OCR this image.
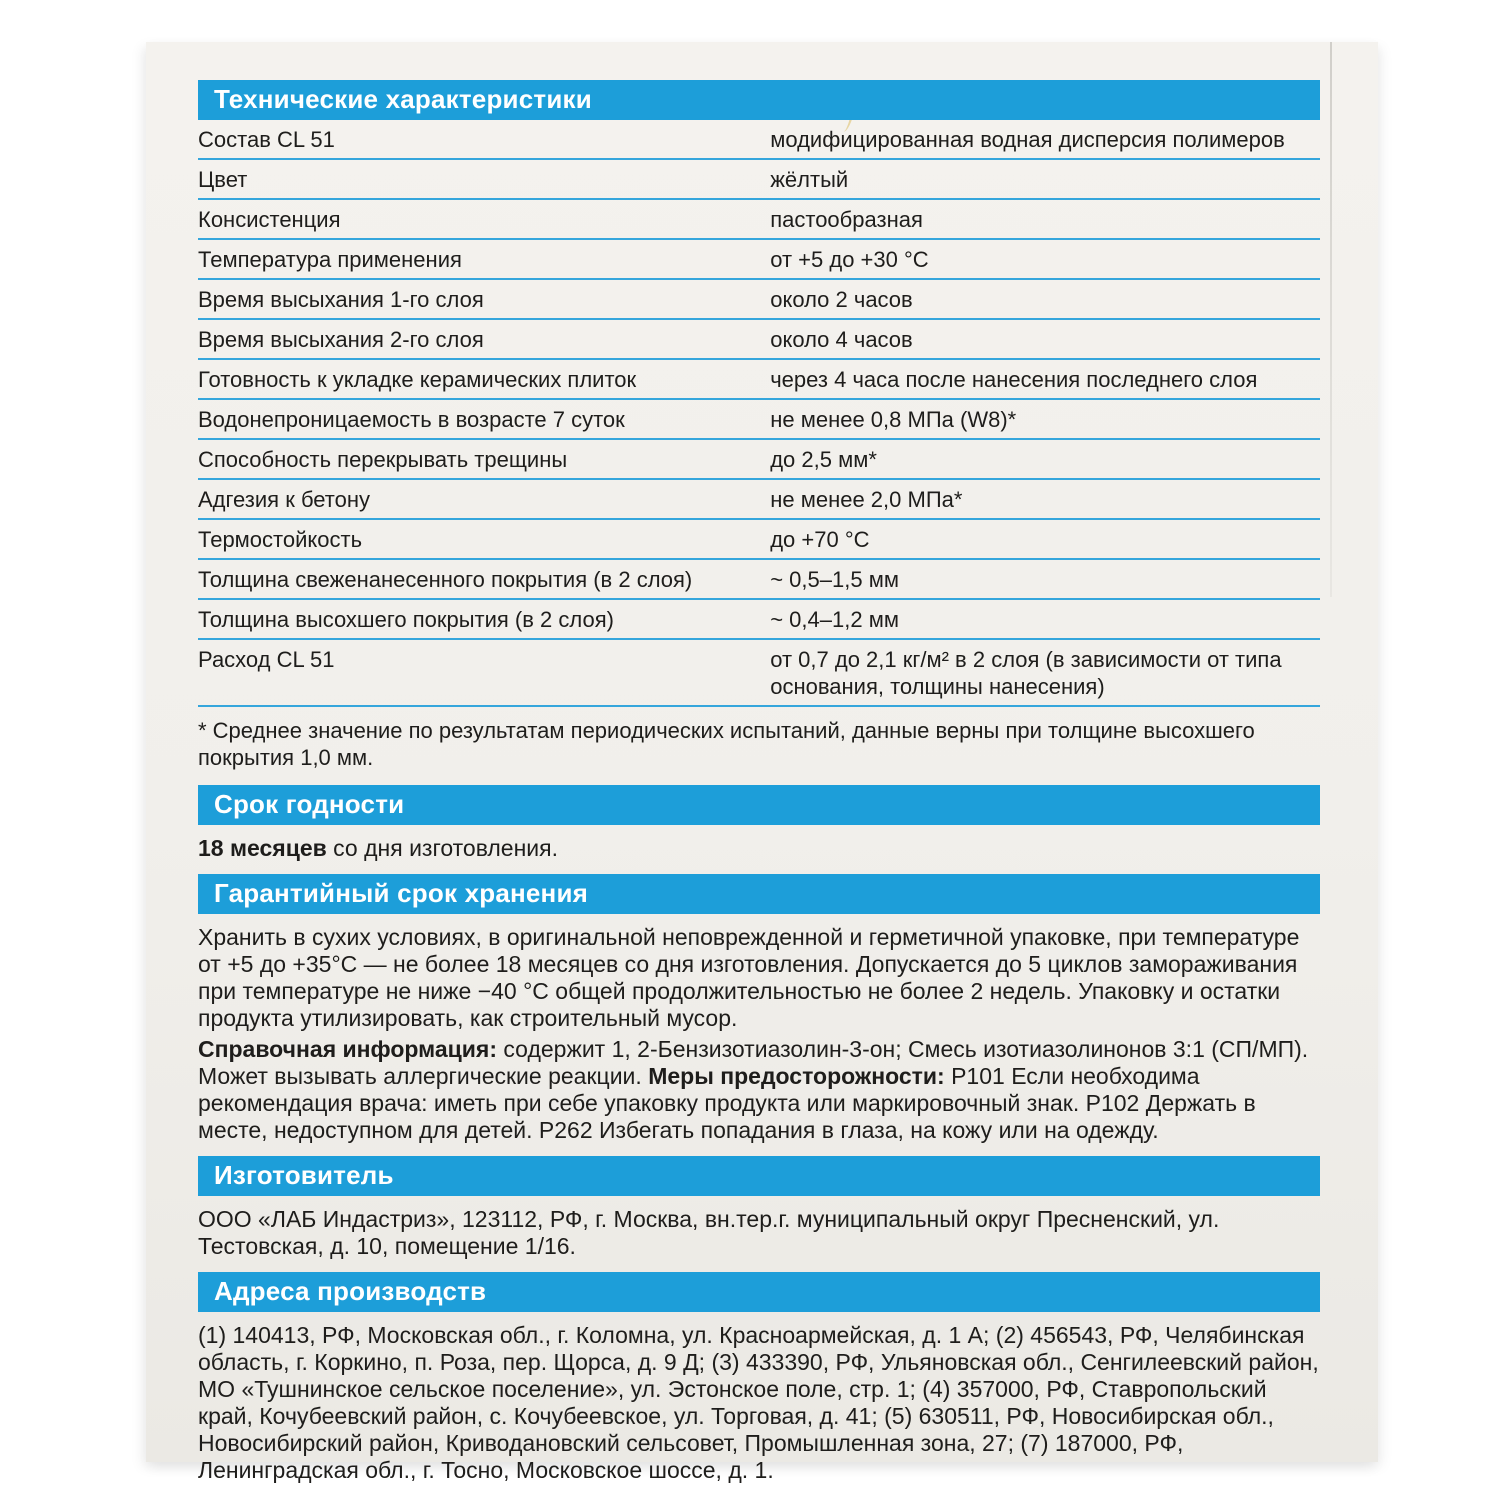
Технические характеристики
Состав CL 51	модифицированная водная дисперсия полимеров
Цвет	жёлтый
Консистенция	пастообразная
Температура применения	от +5 до +30 °C
Время высыхания 1-го слоя	около 2 часов
Время высыхания 2-го слоя	около 4 часов
Готовность к укладке керамических плиток	через 4 часа после нанесения последнего слоя
Водонепроницаемость в возрасте 7 суток	не менее 0,8 МПа (W8)*
Способность перекрывать трещины	до 2,5 мм*
Адгезия к бетону	не менее 2,0 МПа*
Термостойкость	до +70 °C
Толщина свеженанесенного покрытия (в 2 слоя)	~ 0,5–1,5 мм
Толщина высохшего покрытия (в 2 слоя)	~ 0,4–1,2 мм
Расход CL 51	от 0,7 до 2,1 кг/м² в 2 слоя (в зависимости от типа основания, толщины нанесения)

* Среднее значение по результатам периодических испытаний, данные верны при толщине высохшего покрытия 1,0 мм.

Срок годности

18 месяцев со дня изготовления.

Гарантийный срок хранения

Хранить в сухих условиях, в оригинальной неповрежденной и герметичной упаковке, при температуре от +5 до +35°C — не более 18 месяцев со дня изготовления. Допускается до 5 циклов замораживания при температуре не ниже −40 °C общей продолжительностью не более 2 недель. Упаковку и остатки продукта утилизировать, как строительный мусор.

Справочная информация: содержит 1, 2-Бензизотиазолин-3-он; Смесь изотиазолинонов 3:1 (СП/МП). Может вызывать аллергические реакции. Меры предосторожности: P101 Если необходима рекомендация врача: иметь при себе упаковку продукта или маркировочный знак. P102 Держать в месте, недоступном для детей. P262 Избегать попадания в глаза, на кожу или на одежду.

Изготовитель

ООО «ЛАБ Индастриз», 123112, РФ, г. Москва, вн.тер.г. муниципальный округ Пресненский, ул. Тестовская, д. 10, помещение 1/16.

Адреса производств

(1) 140413, РФ, Московская обл., г. Коломна, ул. Красноармейская, д. 1 А; (2) 456543, РФ, Челябинская область, г. Коркино, п. Роза, пер. Щорса, д. 9 Д; (3) 433390, РФ, Ульяновская обл., Сенгилеевский район, МО «Тушнинское сельское поселение», ул. Эстонское поле, стр. 1; (4) 357000, РФ, Ставропольский край, Кочубеевский район, с. Кочубеевское, ул. Торговая, д. 41; (5) 630511, РФ, Новосибирская обл., Новосибирский район, Криводановский сельсовет, Промышленная зона, 27; (7) 187000, РФ, Ленинградская обл., г. Тосно, Московское шоссе, д. 1.
